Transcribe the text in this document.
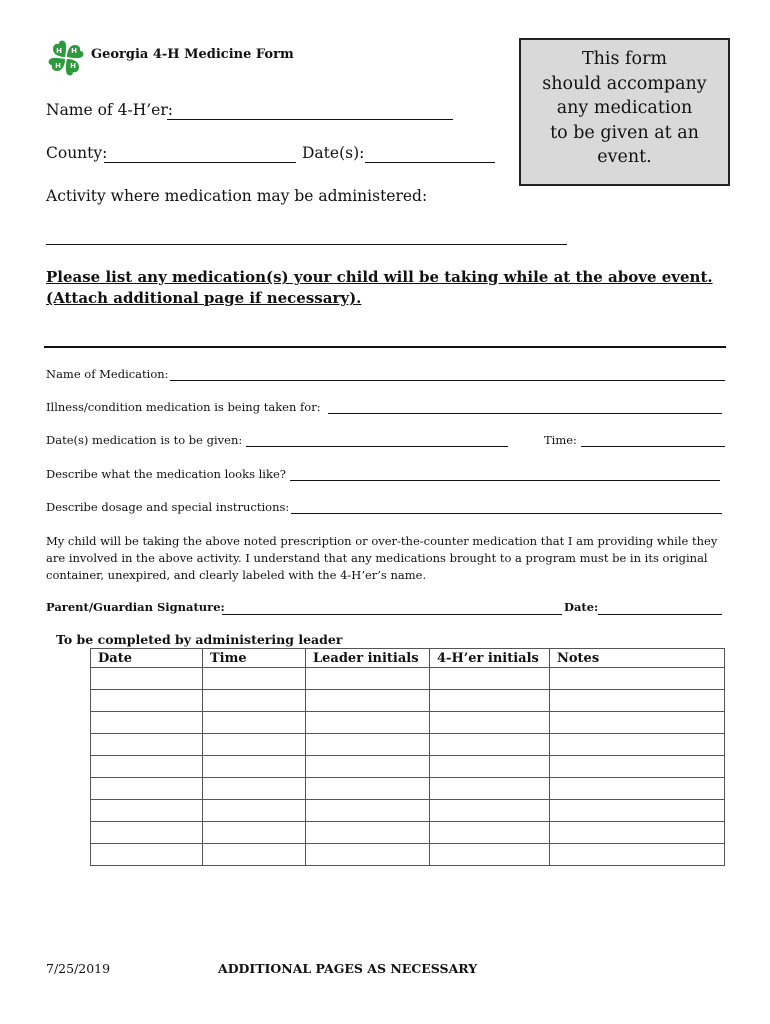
H H
H
H
Georgia 4-H Medicine Form	This form
should accompany
any medication
to be given at an
event.
Name of 4-H’er:
County:	Date(s):
Activity where medication may be administered:
Please list any medication(s) your child will be taking while at the above event.
(Attach additional page if necessary).
Name of Medication:
Illness/condition medication is being taken for:
Date(s) medication is to be given:	Time:
Describe what the medication looks like?
Describe dosage and special instructions:
My child will be taking the above noted prescription or over-the-counter medication that I am providing while they are involved in the above activity. I understand that any medications brought to a program must be in its original container, unexpired, and clearly labeled with the 4-H’er’s name.
Parent/Guardian Signature:	Date:
To be completed by administering leader
Date	Time	Leader initials	4-H’er initials	Notes

7/25/2019	ADDITIONAL PAGES AS NECESSARY
